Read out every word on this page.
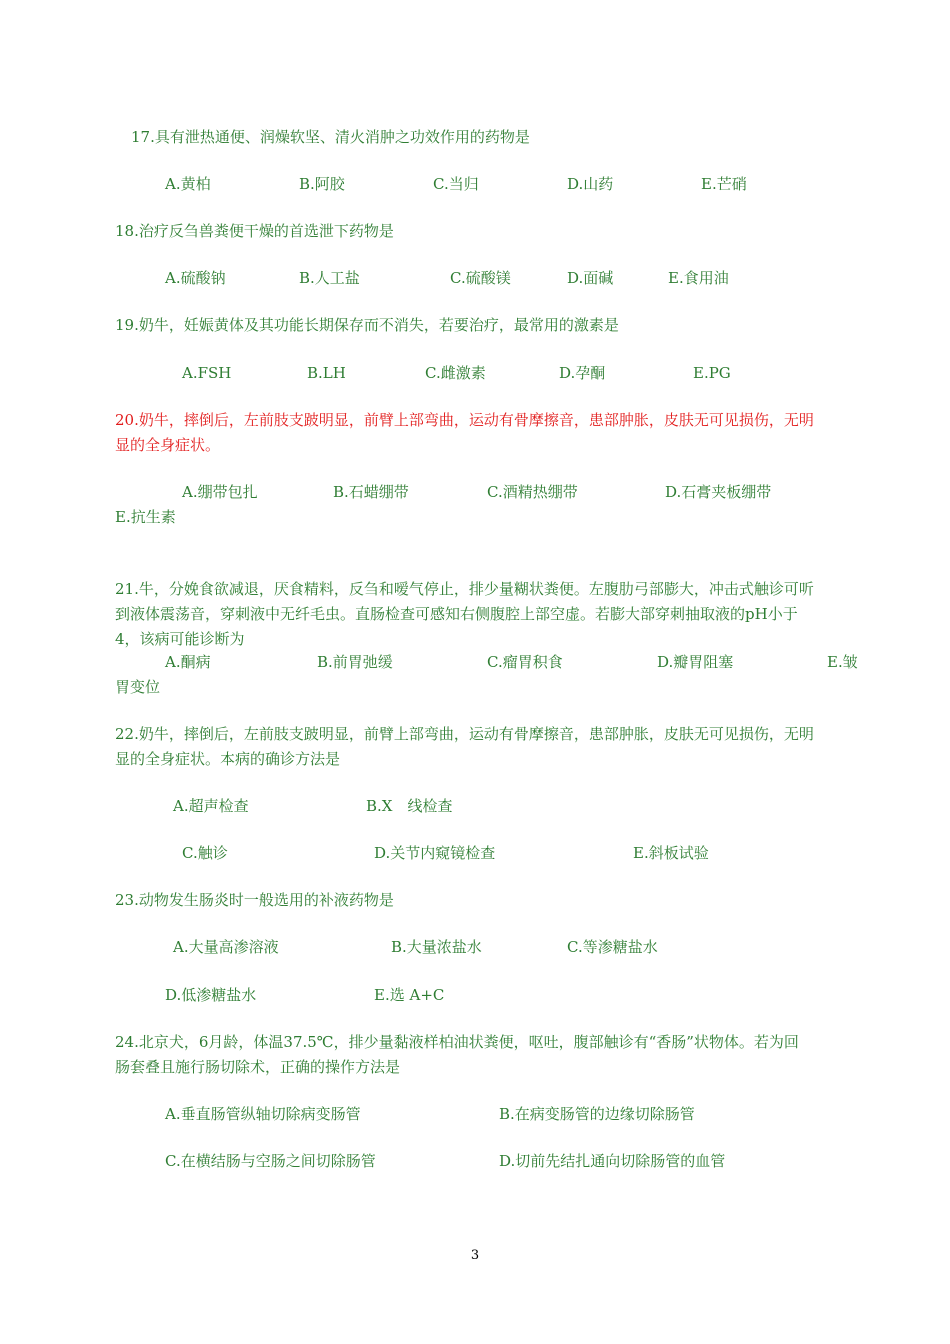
17.具有泄热通便、润燥软坚、清火消肿之功效作用的药物是
A.黄柏	B.阿胶	C.当归	D.山药	E.芒硝
18.治疗反刍兽粪便干燥的首选泄下药物是
A.硫酸钠	B.人工盐	C.硫酸镁	D.面碱	E.食用油
19.奶牛，妊娠黄体及其功能长期保存而不消失，若要治疗，最常用的激素是
A.FSH	B.LH	C.雌激素	D.孕酮	E.PG
20.奶牛，摔倒后，左前肢支跛明显，前臂上部弯曲，运动有骨摩擦音，患部肿胀，皮肤无可见损伤，无明
显的全身症状。
A.绷带包扎	B.石蜡绷带	C.酒精热绷带	D.石膏夹板绷带
E.抗生素
21.牛，分娩食欲减退，厌食精料，反刍和嗳气停止，排少量糊状粪便。左腹肋弓部膨大，冲击式触诊可听
到液体震荡音，穿刺液中无纤毛虫。直肠检查可感知右侧腹腔上部空虚。若膨大部穿刺抽取液的pH小于
4，该病可能诊断为
A.酮病	B.前胃弛缓	C.瘤胃积食	D.瓣胃阻塞	E.皱
胃变位
22.奶牛，摔倒后，左前肢支跛明显，前臂上部弯曲，运动有骨摩擦音，患部肿胀，皮肤无可见损伤，无明
显的全身症状。本病的确诊方法是
A.超声检查	B.X　线检查
C.触诊	D.关节内窥镜检查	E.斜板试验
23.动物发生肠炎时一般选用的补液药物是
A.大量高渗溶液	B.大量浓盐水	C.等渗糖盐水
D.低渗糖盐水	E.选 A+C
24.北京犬，6月龄，体温37.5℃，排少量黏液样柏油状粪便，呕吐，腹部触诊有“香肠”状物体。若为回
肠套叠且施行肠切除术，正确的操作方法是
A.垂直肠管纵轴切除病变肠管	B.在病变肠管的边缘切除肠管
C.在横结肠与空肠之间切除肠管	D.切前先结扎通向切除肠管的血管
3
